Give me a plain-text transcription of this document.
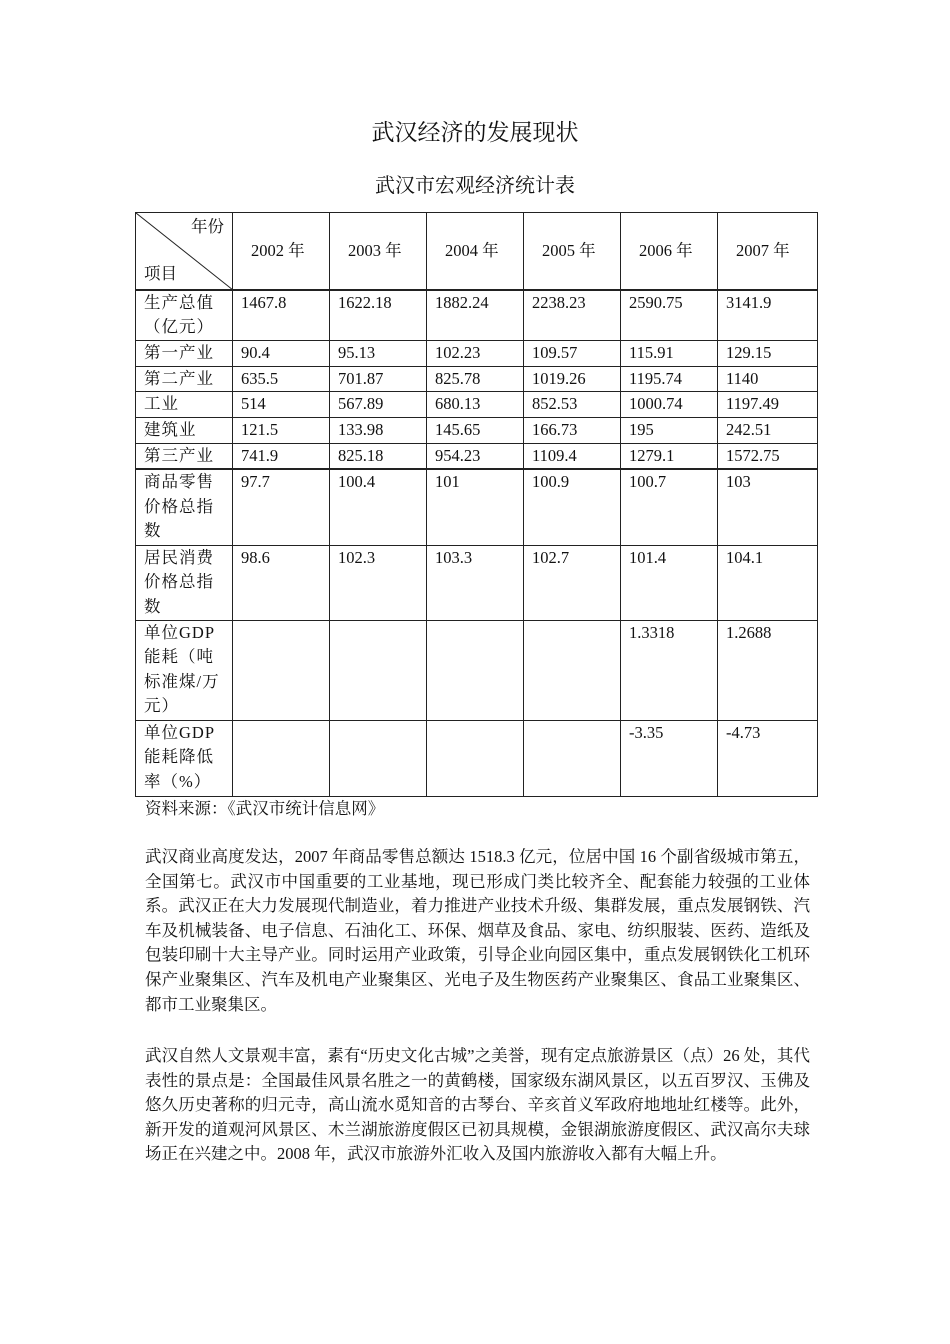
武汉经济的发展现状
武汉市宏观经济统计表
年份
项目	2002 年	2003 年	2004 年	2005 年	2006 年	2007 年
生产总值（亿元）	1467.8	1622.18	1882.24	2238.23	2590.75	3141.9
第一产业	90.4	95.13	102.23	109.57	115.91	129.15
第二产业	635.5	701.87	825.78	1019.26	1195.74	1140
工业	514	567.89	680.13	852.53	1000.74	1197.49
建筑业	121.5	133.98	145.65	166.73	195	242.51
第三产业	741.9	825.18	954.23	1109.4	1279.1	1572.75
商品零售价格总指数	97.7	100.4	101	100.9	100.7	103
居民消费价格总指数	98.6	102.3	103.3	102.7	101.4	104.1
单位GDP能耗（吨标准煤/万元）					1.3318	1.2688
单位GDP能耗降低率（%）					-3.35	-4.73
资料来源：《武汉市统计信息网》

武汉商业高度发达，2007 年商品零售总额达 1518.3 亿元，位居中国 16 个副省级城市第五，全国第七。武汉市中国重要的工业基地，现已形成门类比较齐全、配套能力较强的工业体系。武汉正在大力发展现代制造业，着力推进产业技术升级、集群发展，重点发展钢铁、汽车及机械装备、电子信息、石油化工、环保、烟草及食品、家电、纺织服装、医药、造纸及包装印刷十大主导产业。同时运用产业政策，引导企业向园区集中，重点发展钢铁化工机环保产业聚集区、汽车及机电产业聚集区、光电子及生物医药产业聚集区、食品工业聚集区、都市工业聚集区。

武汉自然人文景观丰富，素有“历史文化古城”之美誉，现有定点旅游景区（点）26 处，其代表性的景点是：全国最佳风景名胜之一的黄鹤楼，国家级东湖风景区，以五百罗汉、玉佛及悠久历史著称的归元寺，高山流水觅知音的古琴台、辛亥首义军政府地地址红楼等。此外，新开发的道观河风景区、木兰湖旅游度假区已初具规模，金银湖旅游度假区、武汉高尔夫球场正在兴建之中。2008 年，武汉市旅游外汇收入及国内旅游收入都有大幅上升。
